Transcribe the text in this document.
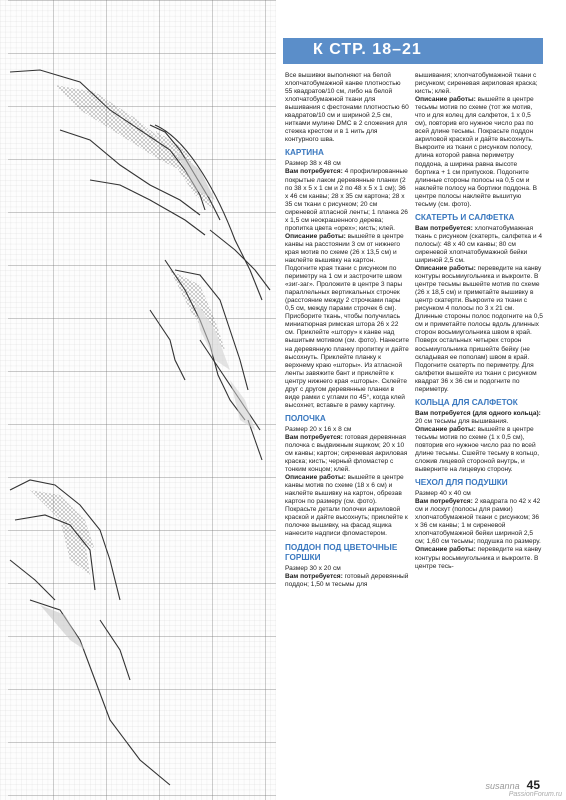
К СТР. 18–21

Все вышивки выполняют на белой хлопчатобумажной канве плотностью 55 квадратов/10 см, либо на белой хлопчатобумажной ткани для вышивания с фестонами плотностью 60 квадратов/10 см и шириной 2,5 см, нитками мулине DMC в 2 сложения для стежка крестом и в 1 нить для контурного шва.

КАРТИНА

Размер 38 х 48 см

Вам потребуется: 4 профилированные покрытые лаком деревянные планки (2 по 38 х 5 х 1 см и 2 по 48 х 5 х 1 см); 36 х 46 см канвы; 28 х 35 см картона; 28 х 35 см ткани с рисунком; 20 см сиреневой атласной ленты; 1 планка 26 х 1,5 см неокрашенного дерева; пропитка цвета «орех»; кисть; клей.

Описание работы: вышейте в центре канвы на расстоянии 3 см от нижнего края мотив по схеме (26 х 13,5 см) и наклейте вышивку на картон. Подогните края ткани с рисунком по периметру на 1 см и застрочите швом «зиг-заг». Проложите в центре 3 пары параллельных вертикальных строчек (расстояние между 2 строчками пары 0,5 см, между парами строчек 6 см). Присборите ткань, чтобы получилась миниатюрная римская штора 26 х 22 см. Приклейте «штору» к канве над вышитым мотивом (см. фото). Нанесите на деревянную планку пропитку и дайте высохнуть. Приклейте планку к верхнему краю «шторы». Из атласной ленты завяжите бант и приклейте к центру нижнего края «шторы». Склейте друг с другом деревянные планки в виде рамки с углами по 45°, когда клей высохнет, вставьте в рамку картину.

ПОЛОЧКА

Размер 20 х 16 х 8 см

Вам потребуется: готовая деревянная полочка с выдвижным ящиком; 20 х 10 см канвы; картон; сиреневая акриловая краска; кисть; черный фломастер с тонким концом; клей.

Описание работы: вышейте в центре канвы мотив по схеме (18 х 6 см) и наклейте вышивку на картон, обрезав картон по размеру (см. фото). Покрасьте детали полочки акриловой краской и дайте высохнуть; приклейте к полочке вышивку, на фасад ящика нанесите надписи фломастером.

ПОДДОН ПОД ЦВЕТОЧНЫЕ ГОРШКИ

Размер 30 х 20 см

Вам потребуется: готовый деревянный поддон; 1,50 м тесьмы для

вышивания; хлопчатобумажной ткани с рисунком; сиреневая акриловая краска; кисть; клей.

Описание работы: вышейте в центре тесьмы мотив по схеме (тот же мотив, что и для колец для салфеток, 1 х 0,5 см), повторив его нужное число раз по всей длине тесьмы. Покрасьте поддон акриловой краской и дайте высохнуть. Выкроите из ткани с рисунком полосу, длина которой равна периметру поддона, а ширина равна высоте бортика + 1 см припусков. Подогните длинные стороны полосы на 0,5 см и наклейте полосу на бортики поддона. В центре полосы наклейте вышитую тесьму (см. фото).

СКАТЕРТЬ И САЛФЕТКА

Вам потребуется: хлопчатобумажная ткань с рисунком (скатерть, салфетка и 4 полосы): 48 х 40 см канвы; 80 см сиреневой хлопчатобумажной бейки шириной 2,5 см.

Описание работы: переведите на канву контуры восьмиугольника и выкроите. В центре тесьмы вышейте мотив по схеме (26 х 18,5 см) и приметайте вышивку в центр скатерти. Выкроите из ткани с рисунком 4 полосы по 3 х 21 см. Длинные стороны полос подогните на 0,5 см и приметайте полосы вдоль длинных сторон восьмиугольника швом в край. Поверх остальных четырех сторон восьмиугольника пришейте бейку (не складывая ее пополам) швом в край. Подогните скатерть по периметру. Для салфетки вышейте из ткани с рисунком квадрат 36 х 36 см и подогните по периметру.

КОЛЬЦА ДЛЯ САЛФЕТОК

Вам потребуется (для одного кольца): 20 см тесьмы для вышивания.

Описание работы: вышейте в центре тесьмы мотив по схеме (1 х 0,5 см), повторив его нужное число раз по всей длине тесьмы. Сшейте тесьму в кольцо, сложив лицевой стороной внутрь, и выверните на лицевую сторону.

ЧЕХОЛ ДЛЯ ПОДУШКИ

Размер 40 х 40 см

Вам потребуется: 2 квадрата по 42 х 42 см и лоскут (полосы для рамки) хлопчатобумажной ткани с рисунком; 36 х 36 см канвы; 1 м сиреневой хлопчатобумажной бейки шириной 2,5 см; 1,60 см тесьмы; подушка по размеру.

Описание работы: переведите на канву контуры восьмиугольника и выкроите. В центре тесь-

susanna 45
PassionForum.ru
